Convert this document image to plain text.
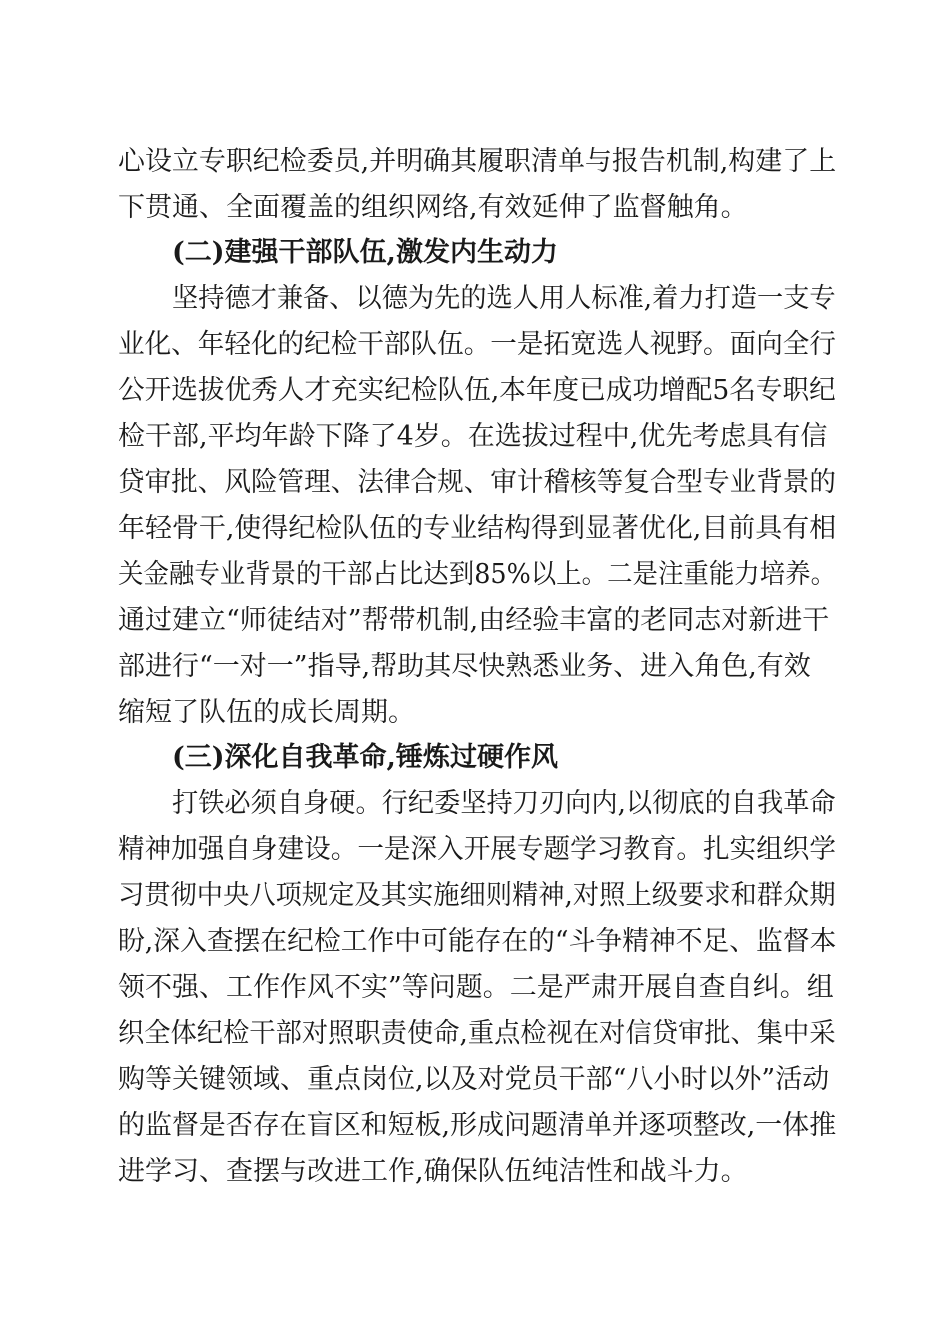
心设立专职纪检委员,并明确其履职清单与报告机制,构建了上
下贯通、全面覆盖的组织网络,有效延伸了监督触角。
(二)建强干部队伍,激发内生动力
坚持德才兼备、以德为先的选人用人标准,着力打造一支专
业化、年轻化的纪检干部队伍。一是拓宽选人视野。面向全行
公开选拔优秀人才充实纪检队伍,本年度已成功增配5名专职纪
检干部,平均年龄下降了4岁。在选拔过程中,优先考虑具有信
贷审批、风险管理、法律合规、审计稽核等复合型专业背景的
年轻骨干,使得纪检队伍的专业结构得到显著优化,目前具有相
关金融专业背景的干部占比达到85%以上。二是注重能力培养。
通过建立“师徒结对”帮带机制,由经验丰富的老同志对新进干
部进行“一对一”指导,帮助其尽快熟悉业务、进入角色,有效
缩短了队伍的成长周期。
(三)深化自我革命,锤炼过硬作风
打铁必须自身硬。行纪委坚持刀刃向内,以彻底的自我革命
精神加强自身建设。一是深入开展专题学习教育。扎实组织学
习贯彻中央八项规定及其实施细则精神,对照上级要求和群众期
盼,深入查摆在纪检工作中可能存在的“斗争精神不足、监督本
领不强、工作作风不实”等问题。二是严肃开展自查自纠。组
织全体纪检干部对照职责使命,重点检视在对信贷审批、集中采
购等关键领域、重点岗位,以及对党员干部“八小时以外”活动
的监督是否存在盲区和短板,形成问题清单并逐项整改,一体推
进学习、查摆与改进工作,确保队伍纯洁性和战斗力。
